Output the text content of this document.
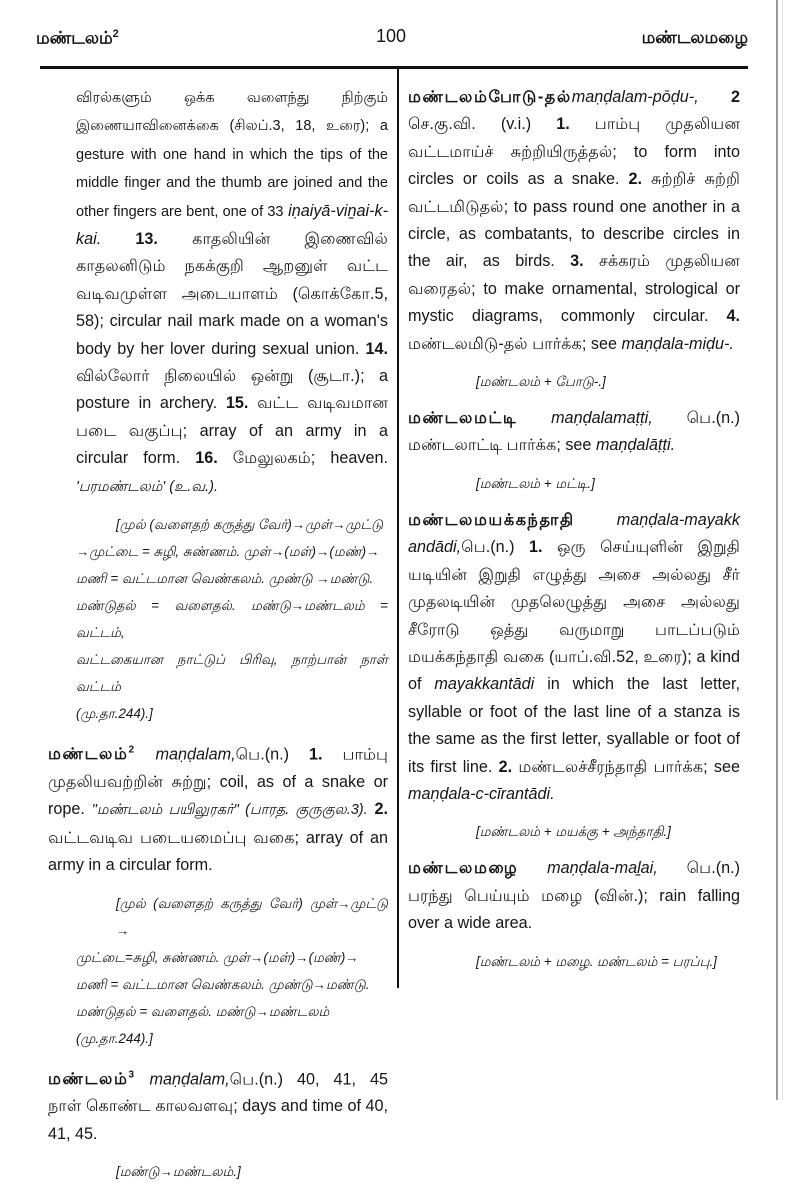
மண்டலம்$^2$	100	மண்டலமழை
விரல்களும் ஒக்க வளைந்து நிற்கும் இணையாவினைக்கை (சிலப்.3, 18, உரை); a gesture with one hand in which the tips of the middle finger and the thumb are joined and the other fingers are bent, one of 33 iṇaiyā-viṉai-k-kai. 13. காதலியின் இணைவில் காதலனிடும் நகக்குறி ஆறனுள் வட்ட வடிவமுள்ள அடையாளம் (கொக்கோ.5, 58); circular nail mark made on a woman's body by her lover during sexual union. 14. வில்லோர் நிலையில் ஒன்று (சூடா.); a posture in archery. 15. வட்ட வடிவமான படை வகுப்பு; array of an army in a circular form. 16. மேலுலகம்; heaven. 'பரமண்டலம்' (உ.வ.).
[முல் (வளைதற் கருத்து வேர்)→முள்→முட்டு
→முட்டை = சுழி, சுண்ணம். முள்→(மள்)→(மண்)→
மணி = வட்டமான வெண்கலம். முண்டு →மண்டு.
மண்டுதல் = வளைதல். மண்டு→மண்டலம் = வட்டம்,
வட்டகையான நாட்டுப் பிரிவு, நாற்பான் நாள் வட்டம்
(மு.தா.244).]
மண்டலம்$^2$ maṇḍalam,பெ.(n.) 1. பாம்பு முதலியவற்றின் சுற்று; coil, as of a snake or rope. "மண்டலம் பயிலுரகர்" (பாரத. குருகுல.3). 2. வட்டவடிவ படையமைப்பு வகை; array of an army in a circular form.
[முல் (வளைதற் கருத்து வேர்) முள்→முட்டு →
முட்டை=சுழி, சுண்ணம். முள்→(மள்)→(மண்)→
மணி = வட்டமான வெண்கலம். முண்டு→மண்டு.
மண்டுதல் = வளைதல். மண்டு→மண்டலம்
(மு.தா.244).]
மண்டலம்$^3$ maṇḍalam,பெ.(n.) 40, 41, 45 நாள் கொண்ட காலவளவு; days and time of 40, 41, 45.
[மண்டு→மண்டலம்.]
மண்டலம்போடு-தல்maṇḍalam-pōḍu-, 2 செ.கு.வி. (v.i.) 1. பாம்பு முதலியன வட்டமாய்ச் சுற்றியிருத்தல்; to form into circles or coils as a snake. 2. சுற்றிச் சுற்றி வட்டமிடுதல்; to pass round one another in a circle, as combatants, to describe circles in the air, as birds. 3. சக்கரம் முதலியன வரைதல்; to make ornamental, strological or mystic diagrams, commonly circular. 4. மண்டலமிடு-தல் பார்க்க; see maṇḍala-miḍu-.
[மண்டலம் + போடு-.]
மண்டலமட்டி maṇḍalamaṭṭi, பெ.(n.) மண்டலாட்டி பார்க்க; see maṇḍalāṭṭi.
[மண்டலம் + மட்டி.]
மண்டலமயக்கந்தாதி	maṇḍala-mayakk andādi,பெ.(n.) 1. ஒரு செய்யுளின் இறுதி யடியின் இறுதி எழுத்து அசை அல்லது சீர் முதலடியின் முதலெழுத்து அசை அல்லது சீரோடு ஒத்து வருமாறு பாடப்படும் மயக்கந்தாதி வகை (யாப்.வி.52, உரை); a kind of mayakkantādi in which the last letter, syllable or foot of the last line of a stanza is the same as the first letter, syallable or foot of its first line. 2. மண்டலச்சீரந்தாதி பார்க்க; see maṇḍala-c-cīrantādi.
[மண்டலம் + மயக்கு + அந்தாதி.]
மண்டலமழை maṇḍala-maḻai, பெ.(n.) பரந்து பெய்யும் மழை (வின்.); rain falling over a wide area.
[மண்டலம் + மழை. மண்டலம் = பரப்பு.]
